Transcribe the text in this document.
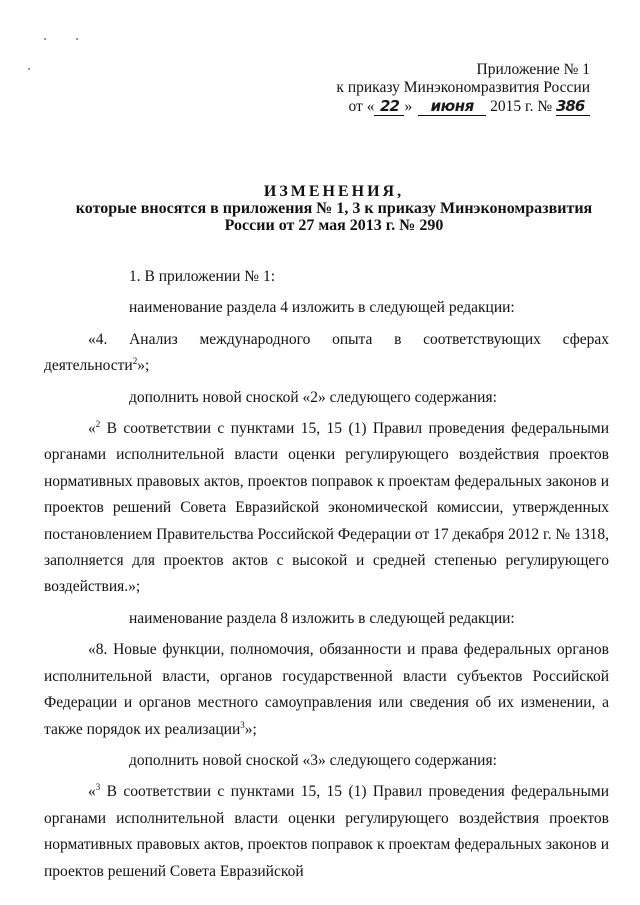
Приложение № 1
к приказу Минэкономразвития России
от « 22 » июня 2015 г. № 386
ИЗМЕНЕНИЯ,
которые вносятся в приложения № 1, 3 к приказу Минэкономразвития
России от 27 мая 2013 г. № 290

1. В приложении № 1:

наименование раздела 4 изложить в следующей редакции:

«4. Анализ международного опыта в соответствующих сферах деятельности$^2$»;

дополнить новой сноской «2» следующего содержания:

«$^2$ В соответствии с пунктами 15, 15 (1) Правил проведения федеральными органами исполнительной власти оценки регулирующего воздействия проектов нормативных правовых актов, проектов поправок к проектам федеральных законов и проектов решений Совета Евразийской экономической комиссии, утвержденных постановлением Правительства Российской Федерации от 17 декабря 2012 г. № 1318, заполняется для проектов актов с высокой и средней степенью регулирующего воздействия.»;

наименование раздела 8 изложить в следующей редакции:

«8. Новые функции, полномочия, обязанности и права федеральных органов исполнительной власти, органов государственной власти субъектов Российской Федерации и органов местного самоуправления или сведения об их изменении, а также порядок их реализации$^3$»;

дополнить новой сноской «3» следующего содержания:

«$^3$ В соответствии с пунктами 15, 15 (1) Правил проведения федеральными органами исполнительной власти оценки регулирующего воздействия проектов нормативных правовых актов, проектов поправок к проектам федеральных законов и проектов решений Совета Евразийской
